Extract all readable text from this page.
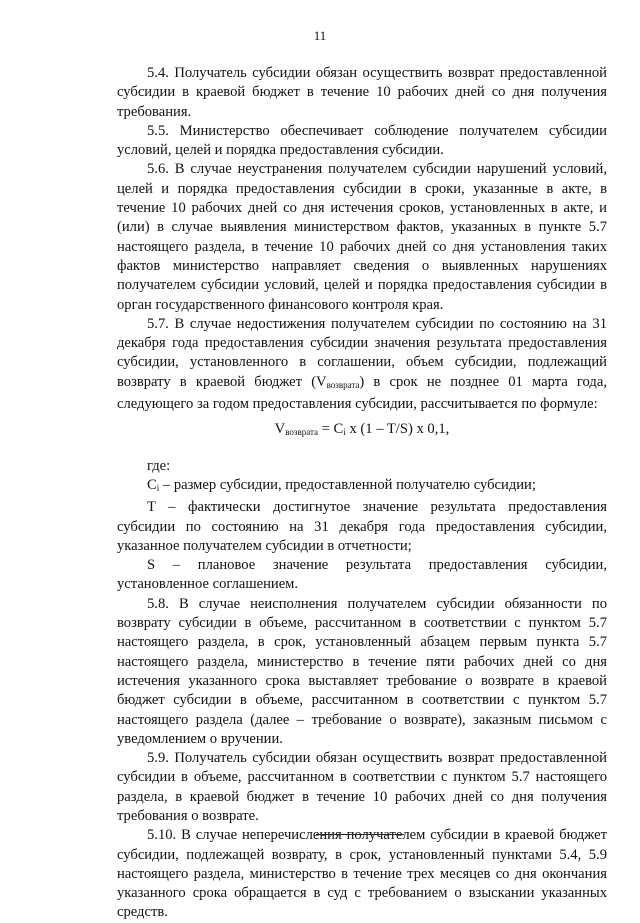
11

5.4. Получатель субсидии обязан осуществить возврат предоставленной субсидии в краевой бюджет в течение 10 рабочих дней со дня получения требования.

5.5. Министерство обеспечивает соблюдение получателем субсидии условий, целей и порядка предоставления субсидии.

5.6. В случае неустранения получателем субсидии нарушений условий, целей и порядка предоставления субсидии в сроки, указанные в акте, в течение 10 рабочих дней со дня истечения сроков, установленных в акте, и (или) в случае выявления министерством фактов, указанных в пункте 5.7 настоящего раздела, в течение 10 рабочих дней со дня установления таких фактов министерство направляет сведения о выявленных нарушениях получателем субсидии условий, целей и порядка предоставления субсидии в орган государственного финансового контроля края.

5.7. В случае недостижения получателем субсидии по состоянию на 31 декабря года предоставления субсидии значения результата предоставления субсидии, установленного в соглашении, объем субсидии, подлежащий возврату в краевой бюджет $(V_{возврата})$ в срок не позднее 01 марта года, следующего за годом предоставления субсидии, рассчитывается по формуле:

$V_{возврата} = C_i$ x (1 – T/S) x 0,1,

где:

$C_i$ – размер субсидии, предоставленной получателю субсидии;

T – фактически достигнутое значение результата предоставления субсидии по состоянию на 31 декабря года предоставления субсидии, указанное получателем субсидии в отчетности;

S – плановое значение результата предоставления субсидии, установленное соглашением.

5.8. В случае неисполнения получателем субсидии обязанности по возврату субсидии в объеме, рассчитанном в соответствии с пунктом 5.7 настоящего раздела, в срок, установленный абзацем первым пункта 5.7 настоящего раздела, министерство в течение пяти рабочих дней со дня истечения указанного срока выставляет требование о возврате в краевой бюджет субсидии в объеме, рассчитанном в соответствии с пунктом 5.7 настоящего раздела (далее – требование о возврате), заказным письмом с уведомлением о вручении.

5.9. Получатель субсидии обязан осуществить возврат предоставленной субсидии в объеме, рассчитанном в соответствии с пунктом 5.7 настоящего раздела, в краевой бюджет в течение 10 рабочих дней со дня получения требования о возврате.

5.10. В случае неперечисления получателем субсидии в краевой бюджет субсидии, подлежащей возврату, в срок, установленный пунктами 5.4, 5.9 настоящего раздела, министерство в течение трех месяцев со дня окончания указанного срока обращается в суд с требованием о взыскании указанных средств.
